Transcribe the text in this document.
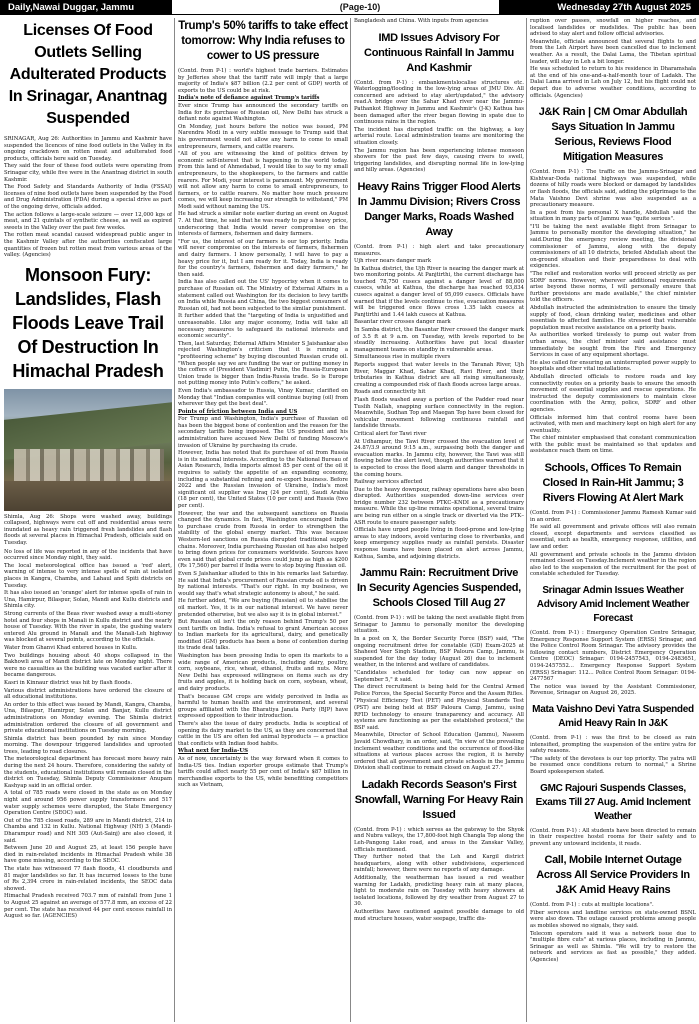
Daily,Nawai Duggar, Jammu	(Page-10)	Wednesday 27th August 2025
Licenses Of Food Outlets Selling Adulterated Products In Srinagar, Anantnag Suspended
SRINAGAR, Aug 26: Authorities in Jammu and Kashmir have suspended the licences of nine food outlets in the Valley in its ongoing crackdown on rotten meat and adulterated food products, officials here said on Tuesday.
They said the four of these food outlets were operating from Srinagar city, while five were in the Anantnag district in south Kashmir.
The Food Safety and Standards Authority of India (FSSAI) licenses of nine food outlets have been suspended by the Food and Drug Administration (FDA) during a special drive as part of the ongoing drive, officials added.
The action follows a large-scale seizure — over 12,000 kgs of meat, and 21 quintals of synthetic cheese, as well as expired sweets in the Valley over the past few weeks.
The rotten meat scandal caused widespread public anger in the Kashmir Valley after the authorities confiscated large quantities of frozen but rotten meat from various areas of the valley. (Agencies)
Monsoon Fury: Landslides, Flash Floods Leave Trail Of Destruction In Himachal Pradesh
Shimla, Aug 26: Shops were washed away, buildings collapsed, highways were cut off and residential areas were inundated as heavy rain triggered fresh landslides and flash floods at several places in Himachal Pradesh, officials said on Tuesday.
No loss of life was reported in any of the incidents that have occurred since Monday night, they said.
The local meteorological office has issued a 'red' alert, warning of intense to very intense spells of rain at isolated places in Kangra, Chamba, and Lahaul and Spiti districts on Tuesday.
It has also issued an 'orange' alert for intense spells of rain in Una, Hamirpur, Bilaspur, Solan, Mandi and Kullu districts and Shimla city.
Strong currents of the Beas river washed away a multi-storey hotel and four shops in Manali in Kullu district and the nearly house of Tuesday. With the river in spate, the gushing waters entered Alu ground in Manali and the Manali-Leh highway was blocked at several points, according to the officials.
Water from Ghanvi Khad entered houses in Kullu.
Two buildings housing about 40 shops collapsed in the Bakhowli area of Mandi district late on Monday night. There were no casualties as the building was vacated earlier after it became dangerous.
Kasri in Kinnaur district was hit by flash floods.
Various district administrations have ordered the closure of all educational institutions.
An order to this effect was issued by Mandi, Kangra, Chamba, Una, Bilaspur, Hamirpur, Solan and Banjar, Kullu district administrations on Monday evening. The Shimla district administration ordered the closure of all government and private educational institutions on Tuesday morning.
Shimla district has been pounded by rain since Monday morning. The downpour triggered landslides and uprooted trees, leading to road closures.
The meteorological department has forecast more heavy rain during the next 24 hours. Therefore, considering the safety of the students, educational institutions will remain closed in the district on Tuesday, Shimla Deputy Commissioner Anupam Kashyap said in an official order.
A total of 785 roads were closed in the state as on Monday night and around 956 power supply transformers and 517 water supply schemes were disrupted, the State Emergency Operation Centre (SEOC) said.
Out of the 785 closed roads, 289 are in Mandi district, 214 in Chamba and 132 in Kullu. National Highway (NH) 3 (Mandi-Dharampur road) and NH 305 (Aut-Sainj) are also closed, it said.
Between June 20 and August 25, at least 156 people have died in rain-related incidents in Himachal Pradesh while 38 have gone missing, according to the SEOC.
The state has witnessed 77 flash floods, 41 cloudbursts and 81 major landslides so far. It has incurred losses to the tune of Rs 2,394 crore in rain-related incidents, the SEOC data showed.
Himachal Pradesh received 703.7 mm of rainfall from June 1 to August 25 against an average of 577.8 mm, an excess of 22 per cent. The state has received 44 per cent excess rainfall in August so far. (AGENCIES)
Trump's 50% tariffs to take effect tomorrow: Why India refuses to cower to US pressure
(Contd. from P-1) : world's highest trade barriers. Estimates by Jefferies show that the tariff rate will imply that a large majority of India's $87 billion (2.2 per cent of GDP) worth of exports to the US could be at risk.
India's note of defiance against Trump's tariffs
Ever since Trump has announced the secondary tariffs on India for its purchase of Russian oil, New Delhi has struck a defiant note against Washington.
On Monday, just hours before the notice was issued, PM Narendra Modi in a very subtle message to Trump said that his government would not allow any harm to come to small entrepreneurs, farmers, and cattle rearers.
"All of you are witnessing the kind of politics driven by economic self-interest that is happening in the world today. From this land of Ahmedabad, I would like to say to my small entrepreneurs, to the shopkeepers, to the farmers and cattle rearers. For Modi, your interest is paramount. My government will not allow any harm to come to small entrepreneurs, to farmers, or to cattle rearers. No matter how much pressure comes, we will keep increasing our strength to withstand," PM Modi said without naming the US.
He had struck a similar note earlier during an event on August 7. At that time, he said that he was ready to pay a heavy price, underscoring that India would never compromise on the interests of farmers, fishermen and dairy farmers.
"For us, the interest of our farmers is our top priority. India will never compromise on the interests of farmers, fishermen and dairy farmers. I know personally, I will have to pay a heavy price for it, but I am ready for it. Today, India is ready for the country's farmers, fishermen and dairy farmers," he then said.
India has also called out the US' hypocrisy when it comes to purchase of Russian oil. The Ministry of External Affairs in a statement called out Washington for its decision to levy tariffs on India while Russia and China, the two biggest consumers of Russian oil, had not been subjected to the similar punishment.
It further added that the "targeting of India is unjustified and unreasonable. Like any major economy, India will take all necessary measures to safeguard its national interests and economic security".
Then, last Saturday, External Affairs Minister S Jaishankar also rejected Washington's criticism that it is running a "profiteering scheme" by buying discounted Russian crude oil. "When people say we are funding the war or putting money in the coffers of (President Vladimir) Putin, the Russia-European Union trade is bigger than India-Russia trade. So is Europe not putting money into Putin's coffers," he asked.
Even India's ambassador to Russia, Vinay Kumar, clarified on Monday that "Indian companies will continue buying (oil) from wherever they get the best deal".
Points of friction between India and US
For Trump and Washington, India's purchase of Russian oil has been the biggest bone of contention and the reason for the secondary tariffs being imposed. The US president and his administration have accused New Delhi of funding Moscow's invasion of Ukraine by purchasing its crude.
However, India has noted that its purchase of oil from Russia is in its national interests. According to the National Bureau of Asian Research, India imports almost 85 per cent of the oil it requires to satisfy the appetite of an expanding economy, including a substantial refining and re-export business. Before 2022 and the Russian invasion of Ukraine, India's most significant oil supplier was Iraq (24 per cent), Saudi Arabia (18 per cent), the United States (10 per cent) and Russia (two per cent).
However, the war and the subsequent sanctions on Russia changed the dynamics. In fact, Washington encouraged India to purchase crude from Russia in order to strengthen the stability of the global energy market. This was because Western-led sanctions on Russia disrupted traditional supply chains. Moreover, India purchasing Russian oil has also helped to bring down prices for consumers worldwide. Sources have even said that global crude prices could jump as high as $200 (Rs 17,560) per barrel if India were to stop buying Russian oil.
Even S Jaishankar alluded to this in his remarks last Saturday. He said that India's procurement of Russian crude oil is driven by national interests. "That's our right. In my business, we would say that's what strategic autonomy is about," he said.
He further added, "We are buying (Russian) oil to stabilise the oil market. Yes, it is in our national interest. We have never pretended otherwise, but we also say it is in global interest."
But Russian oil isn't the only reason behind Trump's 50 per cent tariffs on India. India's refusal to grant American access to Indian markets for its agricultural, dairy, and genetically modified (GM) products has been a bone of contention during its trade deal talks.
Washington has been pressing India to open its markets to a wide range of American products, including dairy, poultry, corn, soybeans, rice, wheat, ethanol, fruits and nuts. More New Delhi has expressed willingness on items such as dry fruits and apples, it is holding back on corn, soybean, wheat, and dairy products.
That's because GM crops are widely perceived in India as harmful to human health and the environment, and several groups affiliated with the Bharatiya Janata Party (BJP) have expressed opposition to their introduction.
There's also the issue of dairy products. India is sceptical of opening its dairy market to the US, as they are concerned that cattle in the US are often fed animal byproducts — a practice that conflicts with Indian food habits.
What next for India-US
As of now, uncertainty is the way forward when it comes to India-US ties. Indian exporter groups estimate that Trump's tariffs could affect nearly 55 per cent of India's $87 billion in merchandise exports to the US, while benefitting competitors such as Vietnam,
Bangladesh and China. With inputs from agencies
IMD Issues Advisory For Continuous Rainfall In Jammu And Kashmir
(Contd. from P-1) : embankmentslocalise structures etc. Waterlogging/flooding in the low-lying areas of JMU Div. All concerned are advised to stay alert/updated," the advisory read.A bridge over the Sahar Khad river near the Jammu-Pathankot Highway in Jammu and Kashmir's (J-K) Kathua has been damaged after the river began flowing in spate due to continuous rains in the region.
The incident has disrupted traffic on the highway, a key arterial route. Local administration teams are monitoring the situation closely.
The Jammu region has been experiencing intense monsoon showers for the past few days, causing rivers to swell, triggering landslides, and disrupting normal life in low-lying and hilly areas. (Agencies)
Heavy Rains Trigger Flood Alerts In Jammu Division; Rivers Cross Danger Marks, Roads Washed Away
(Contd. from P-1) : high alert and take precautionary measures.
Ujh river nears danger mark
In Kathua district, the Ujh River is nearing the danger mark at two monitoring points. At Panjtirthi, the current discharge has touched 78,750 cusecs against a danger level of 88,000 cusecs, while at Kathua, the discharge has reached 93,834 cusecs against a danger level of 95,099 cusecs. Officials have warned that if the levels continue to rise, evacuation measures will be triggered once flows cross 1.35 lakh cusecs at Panjtirthi and 1.44 lakh cusecs at Kathua.
Basantar river crosses danger mark
In Samba district, the Basantar River crossed the danger mark of 3.5 ft at 9 a.m. on Tuesday, with levels reported to be steadily increasing. Authorities have put local disaster management teams on standby in vulnerable areas.
Simultaneous rise in multiple rivers
Reports suggest that water levels in the Taranah River, Ujh River, Maggar Khad, Sahar Khad, Ravi River, and their tributaries in Kathua district are all rising simultaneously, creating a compounded risk of flash floods across large areas.
Roads and connectivity hit
Flash floods washed away a portion of the Padder road near Tuslih Nallah, snapping surface connectivity in the region. Meanwhile, Sudhan Top and Maegan Top have been closed for vehicular movement following continuous rainfall and landslide threats.
Critical alert for Tawi river
At Udhampur, the Tawi River crossed the evacuation level of 24.87/3.9 around 9:15 a.m., surpassing both the danger and evacuation marks. In Jammu city, however, the Tawi was still flowing below the alert level, though authorities warned that it is expected to cross the flood alarm and danger thresholds in the coming hours.
Railway services affected
Due to the heavy downpour, railway operations have also been disrupted. Authorities suspended down-line services over bridge number 232 between PTKC–KNDI as a precautionary measure. While the up-line remains operational, several trains are being run either on a single track or diverted via the PTK–ASR route to ensure passenger safety.
Officials have urged people living in flood-prone and low-lying areas to stay indoors, avoid venturing close to riverbanks, and keep emergency supplies ready as rainfall persists. Disaster response teams have been placed on alert across Jammu, Kathua, Samba, and adjoining districts.
Jammu Rain: Recruitment Drive In Security Agencies Suspended, Schools Closed Till Aug 27
(Contd. from P-1) : will be taking the next available flight from Srinagar to Jammu to personally monitor the developing situation.
In a post on X, the Border Security Force (BSF) said, "The ongoing recruitment drive for constable (GD) Exam-2025 at Shaheed Veer Singh Stadium, BSF Paloura Camp, Jammu, is suspended for the day today (August 26) due to inclement weather, in the interest and welfare of candidates.
"Candidates scheduled for today can now appear on September 5," it said.
The direct recruitment is being held for the Central Armed Police Forces, the Special Security Force and the Assam Rifles.
"Physical Efficiency Test (PET) and Physical Standards Test (PST) are being held at BSF Paloura Camp, Jammu, using RFID technology to ensure transparency and accuracy. All systems are functioning as per the established protocol," the BSF said.
Meanwhile, Director of School Education (Jammu), Naseem Javaid Chowdhary, in an order, said, "In view of the prevailing inclement weather conditions and the occurrence of flood-like situations at various places across the region, it is hereby ordered that all government and private schools in the Jammu Division shall continue to remain closed on August 27."
Ladakh Records Season's First Snowfall, Warning For Heavy Rain Issued
(Contd. from P-1) : which serves as the gateway to the Shyok and Nubra valleys, the 17,800-foot high Changla Top along the Leh-Pangong Lake road, and areas in the Zanskar Valley, officials mentioned.
They further noted that the Leh and Kargil district headquarters, along with other subdivisions, experienced rainfall; however, there were no reports of any damage.
Additionally, the weatherman has issued a red weather warning for Ladakh, predicting heavy rain at many places, light to moderate rain on Tuesday with heavy showers at isolated locations, followed by dry weather from August 27 to 30.
Authorities have cautioned against possible damage to old mud structure houses, water seepage, traffic dis-
ruption over passes, snowfall on higher reaches, and localised landslides or mudslides. The public has been advised to stay alert and follow official advisories.
Meanwhile, officials announced that several flights to and from the Leh Airport have been cancelled due to inclement weather. As a result, the Dalai Lama, the Tibetan spiritual leader, will stay in Leh a bit longer.
He was scheduled to return to his residence in Dharamshala at the end of his one-and-a-half-month tour of Ladakh. The Dalai Lama arrived in Leh on July 12, but his flight could not depart due to adverse weather conditions, according to officials. (Agencies)
J&K Rain | CM Omar Abdullah Says Situation In Jammu Serious, Reviews Flood Mitigation Measures
(Contd. from P-1) : The traffic on the Jammu-Srinagar and Kishtwar-Doda national highways was suspended, while dozens of hilly roads were blocked or damaged by landslides or flash floods, the officials said, adding the pilgrimage to the Mata Vaishno Devi shrine was also suspended as a precautionary measure.
In a post from his personal X handle, Abdullah said the situation in many parts of Jammu was "quite serious".
"I'll be taking the next available flight from Srinagar to Jammu to personally monitor the developing situation," he said.During the emergency review meeting, the divisional commissioner of Jammu, along with the deputy commissioners of all 10 districts, briefed Abdullah about the on-ground situation and their preparedness to deal with exigencies.
"The relief and restoration works will proceed strictly as per SDRF norms. However, wherever additional requirements arise beyond these norms, I will personally ensure that further provisions are made available," the chief minister told the officers.
Abdullah instructed the administration to ensure the timely supply of food, clean drinking water, medicines and other essentials to affected families. He stressed that vulnerable population must receive assistance on a priority basis.
As authorities worked tirelessly to pump out water from urban areas, the chief minister said assistance must immediately be sought from the Fire and Emergency Services in case of any equipment shortage.
He also called for ensuring an uninterrupted power supply to hospitals and other vital installations.
Abdullah directed officials to restore roads and key connectivity routes on a priority basis to ensure the smooth movement of essential supplies and rescue operations. He instructed the deputy commissioners to maintain close coordination with the Army, police, SDRF and other agencies.
Officials informed him that control rooms have been activated, with men and machinery kept on high alert for any eventuality.
The chief minister emphasised that constant communication with the public must be maintained so that updates and assistance reach them on time.
Schools, Offices To Remain Closed In Rain-Hit Jammu; 3 Rivers Flowing At Alert Mark
(Contd. from P-1) : Commissioner Jammu Ramesh Kumar said in an order.
He said all government and private offices will also remain closed, except departments and services classified as essential, such as health, emergency response, utilities, and law and order.
All government and private schools in the Jammu division remained closed on Tuesday.Inclement weather in the region also led to the suspension of the recruitment for the post of constable scheduled for Tuesday.
Srinagar Admin Issues Weather Advisory Amid Inclement Weather Forecast
(Contd. from P-1) : Emergency Operation Centre Srinagar, Emergency Response Support System (ERSS) Srinagar, and the Police Control Room Srinagar. The advisory provides the following contact numbers, District Emergency Operation Centre (DEOC) Srinagar: 0194-2457543, 0194-2483651, 0194-2457552... Emergency Response Support System (ERSS) Srinagar: 112... Police Control Room Srinagar: 0194-2477567
The notice was issued by the Assistant Commissioner, Revenue, Srinagar on August 26, 2025.
Mata Vaishno Devi Yatra Suspended Amid Heavy Rain In J&K
(Contd. from P-1) : was the first to be closed as rain intensified, prompting the suspension of the entire yatra for safety reasons.
"The safety of the devotees is our top priority. The yatra will be resumed once conditions return to normal," a Shrine Board spokesperson stated.
GMC Rajouri Suspends Classes, Exams Till 27 Aug. Amid Inclement Weather
(Contd. from P-1) : All students have been directed to remain in their respective hostel rooms for their safety and to prevent any untoward incidents, it reads.
Call, Mobile Internet Outage Across All Service Providers In J&K Amid Heavy Rains
(Contd. from P-1) : cuts at multiple locations".
Fiber services and landline services on state-owned BSNL were also down. The outage caused problems among people as mobiles showed no signals, they said.
Telecom operators said it was a network issue due to "multiple fibre cuts" at various places, including in Jammu, Srinagar as well as Shimla. "We will try to restore the network and services as fast as possible," they added. (Agencies)
